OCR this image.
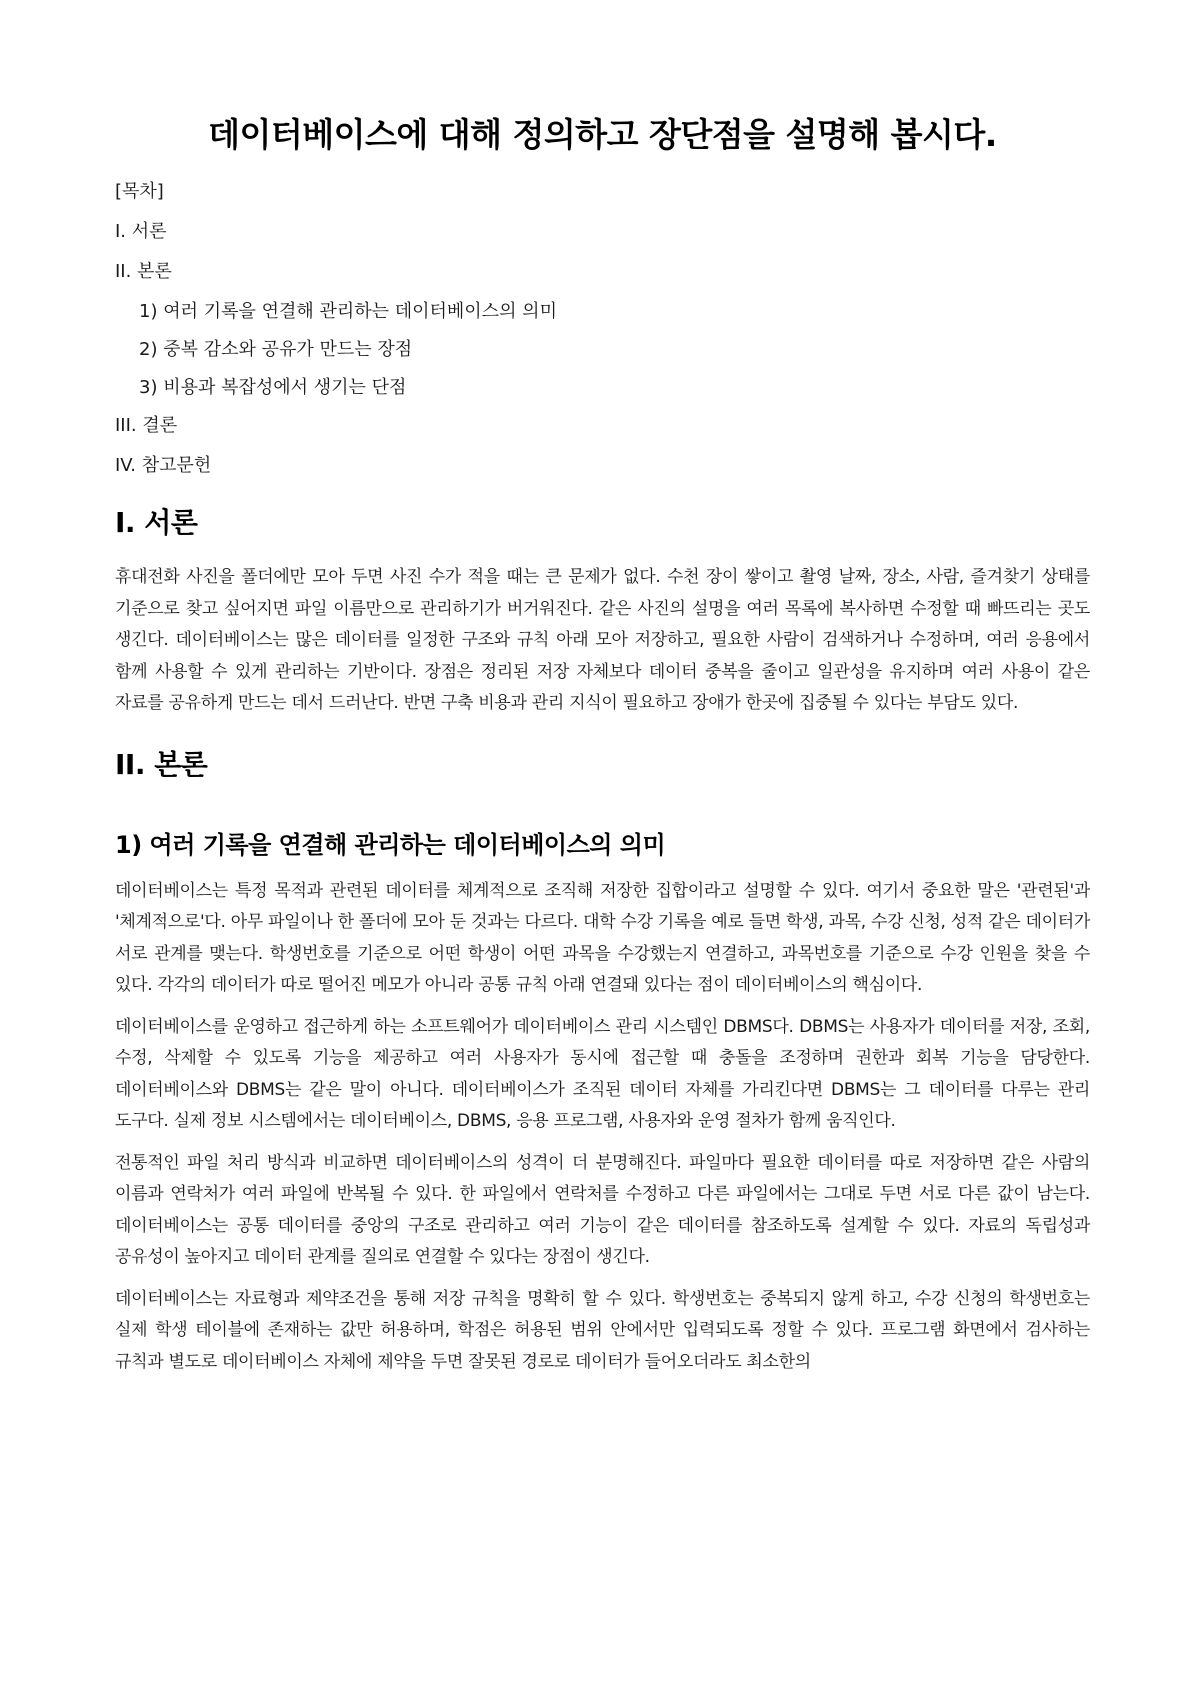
데이터베이스에 대해 정의하고 장단점을 설명해 봅시다.
[목차]
I. 서론
II. 본론
1) 여러 기록을 연결해 관리하는 데이터베이스의 의미
2) 중복 감소와 공유가 만드는 장점
3) 비용과 복잡성에서 생기는 단점
III. 결론
IV. 참고문헌
I. 서론

휴대전화 사진을 폴더에만 모아 두면 사진 수가 적을 때는 큰 문제가 없다. 수천 장이 쌓이고 촬영 날짜, 장소, 사람, 즐겨찾기 상태를 기준으로 찾고 싶어지면 파일 이름만으로 관리하기가 버거워진다. 같은 사진의 설명을 여러 목록에 복사하면 수정할 때 빠뜨리는 곳도 생긴다. 데이터베이스는 많은 데이터를 일정한 구조와 규칙 아래 모아 저장하고, 필요한 사람이 검색하거나 수정하며, 여러 응용에서 함께 사용할 수 있게 관리하는 기반이다. 장점은 정리된 저장 자체보다 데이터 중복을 줄이고 일관성을 유지하며 여러 사용이 같은 자료를 공유하게 만드는 데서 드러난다. 반면 구축 비용과 관리 지식이 필요하고 장애가 한곳에 집중될 수 있다는 부담도 있다.

II. 본론
1) 여러 기록을 연결해 관리하는 데이터베이스의 의미

데이터베이스는 특정 목적과 관련된 데이터를 체계적으로 조직해 저장한 집합이라고 설명할 수 있다. 여기서 중요한 말은 '관련된'과 '체계적으로'다. 아무 파일이나 한 폴더에 모아 둔 것과는 다르다. 대학 수강 기록을 예로 들면 학생, 과목, 수강 신청, 성적 같은 데이터가 서로 관계를 맺는다. 학생번호를 기준으로 어떤 학생이 어떤 과목을 수강했는지 연결하고, 과목번호를 기준으로 수강 인원을 찾을 수 있다. 각각의 데이터가 따로 떨어진 메모가 아니라 공통 규칙 아래 연결돼 있다는 점이 데이터베이스의 핵심이다.

데이터베이스를 운영하고 접근하게 하는 소프트웨어가 데이터베이스 관리 시스템인 DBMS다. DBMS는 사용자가 데이터를 저장, 조회, 수정, 삭제할 수 있도록 기능을 제공하고 여러 사용자가 동시에 접근할 때 충돌을 조정하며 권한과 회복 기능을 담당한다. 데이터베이스와 DBMS는 같은 말이 아니다. 데이터베이스가 조직된 데이터 자체를 가리킨다면 DBMS는 그 데이터를 다루는 관리 도구다. 실제 정보 시스템에서는 데이터베이스, DBMS, 응용 프로그램, 사용자와 운영 절차가 함께 움직인다.

전통적인 파일 처리 방식과 비교하면 데이터베이스의 성격이 더 분명해진다. 파일마다 필요한 데이터를 따로 저장하면 같은 사람의 이름과 연락처가 여러 파일에 반복될 수 있다. 한 파일에서 연락처를 수정하고 다른 파일에서는 그대로 두면 서로 다른 값이 남는다. 데이터베이스는 공통 데이터를 중앙의 구조로 관리하고 여러 기능이 같은 데이터를 참조하도록 설계할 수 있다. 자료의 독립성과 공유성이 높아지고 데이터 관계를 질의로 연결할 수 있다는 장점이 생긴다.

데이터베이스는 자료형과 제약조건을 통해 저장 규칙을 명확히 할 수 있다. 학생번호는 중복되지 않게 하고, 수강 신청의 학생번호는 실제 학생 테이블에 존재하는 값만 허용하며, 학점은 허용된 범위 안에서만 입력되도록 정할 수 있다. 프로그램 화면에서 검사하는 규칙과 별도로 데이터베이스 자체에 제약을 두면 잘못된 경로로 데이터가 들어오더라도 최소한의
